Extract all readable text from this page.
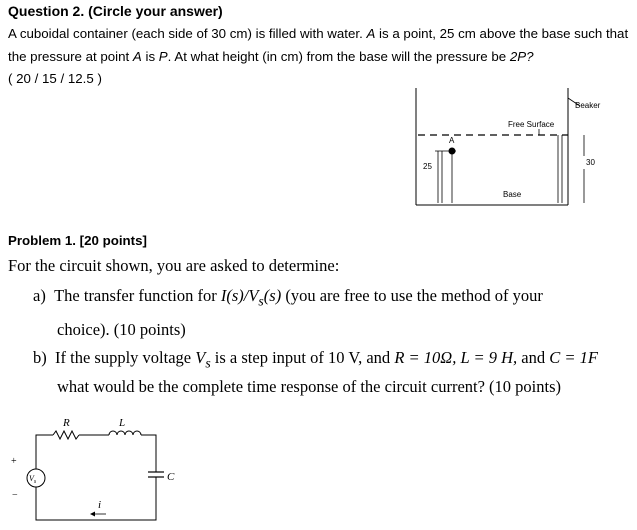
Question 2. (Circle your answer)
A cuboidal container (each side of 30 cm) is filled with water. A is a point, 25 cm above the base such that
the pressure at point A is P. At what height (in cm) from the base will the pressure be 2P?
( 20 / 15 / 12.5 )
Beaker
Free Surface
A
25	30
Base
Problem 1. [20 points]
For the circuit shown, you are asked to determine:
a) The transfer function for $I(s)/V_s(s)$ (you are free to use the method of your
choice). (10 points)
b) If the supply voltage $V_s$ is a step input of 10 V, and R = 10Ω, L = 9 H, and C = 1F
what would be the complete time response of the circuit current? (10 points)
$V_s$
+
−
R	L
C
i
